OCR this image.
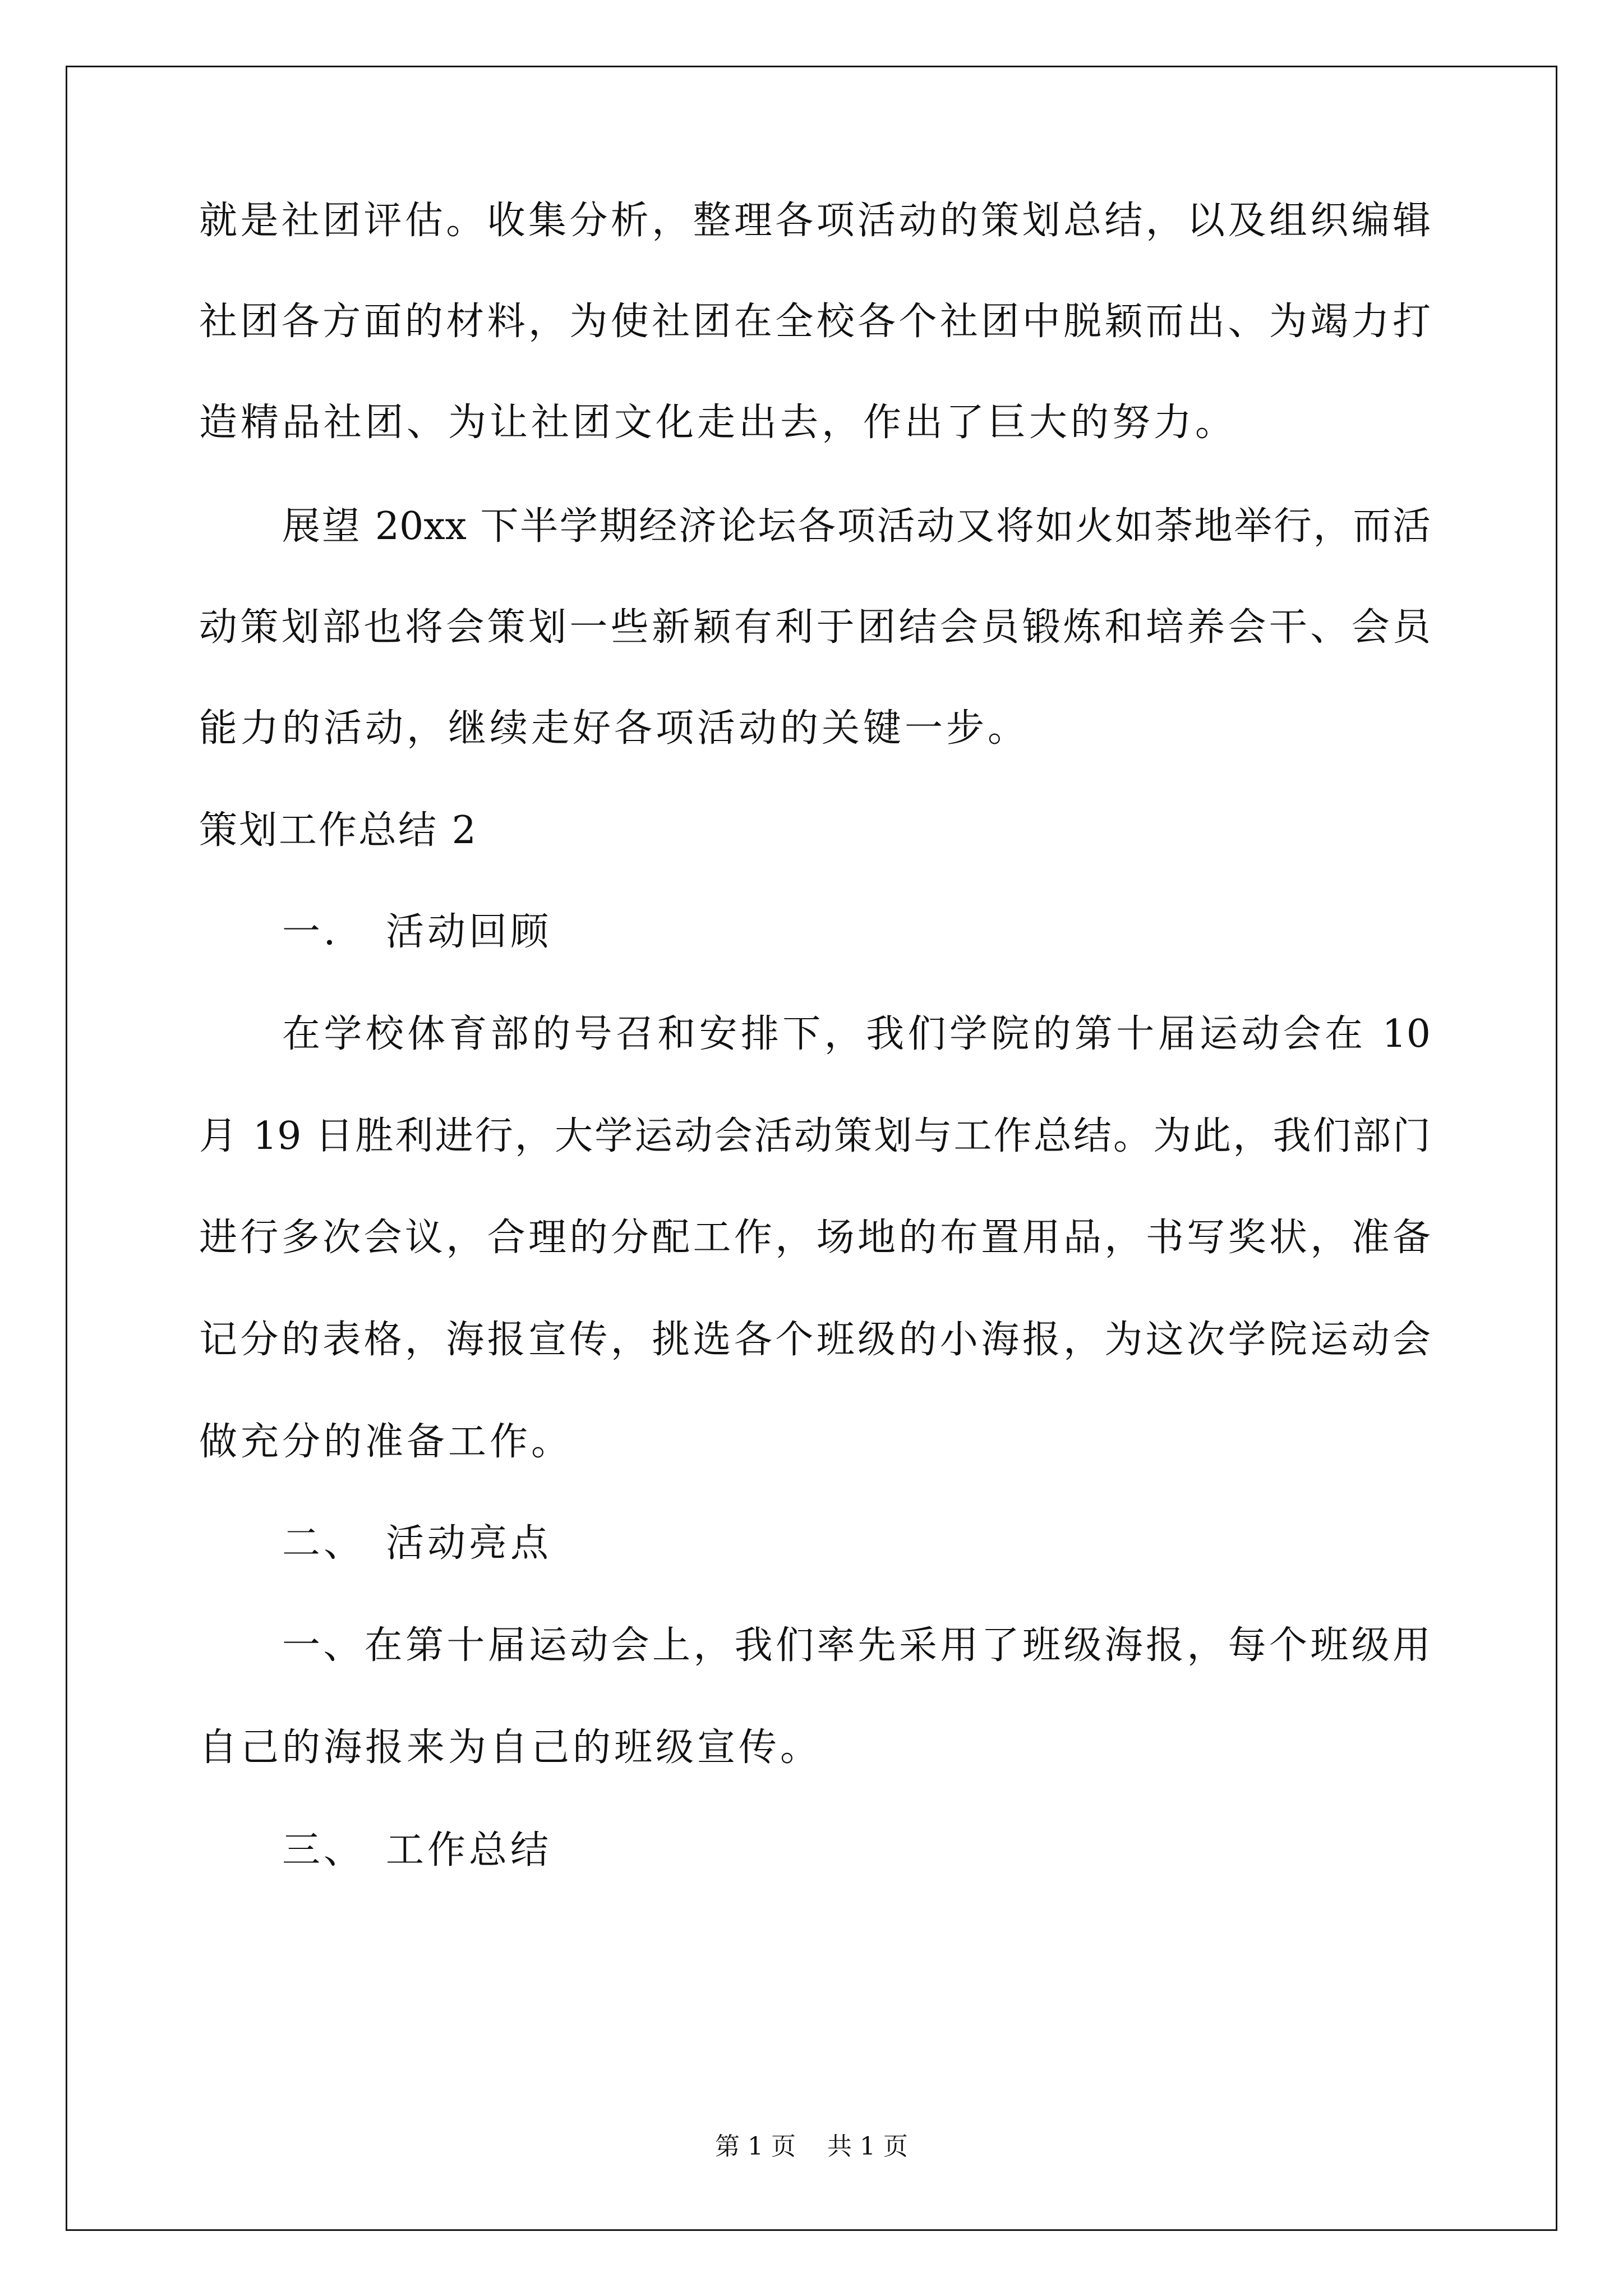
就是社团评估。收集分析，整理各项活动的策划总结，以及组织编辑
社团各方面的材料，为使社团在全校各个社团中脱颖而出、为竭力打
造精品社团、为让社团文化走出去，作出了巨大的努力。
展望 20xx 下半学期经济论坛各项活动又将如火如荼地举行，而活
动策划部也将会策划一些新颖有利于团结会员锻炼和培养会干、会员
能力的活动，继续走好各项活动的关键一步。
策划工作总结 2
一． 活动回顾
在学校体育部的号召和安排下，我们学院的第十届运动会在 10
月 19 日胜利进行，大学运动会活动策划与工作总结。为此，我们部门
进行多次会议，合理的分配工作，场地的布置用品，书写奖状，准备
记分的表格，海报宣传，挑选各个班级的小海报，为这次学院运动会
做充分的准备工作。
二、 活动亮点
一、在第十届运动会上，我们率先采用了班级海报，每个班级用
自己的海报来为自己的班级宣传。
三、 工作总结
第 1 页    共 1 页
